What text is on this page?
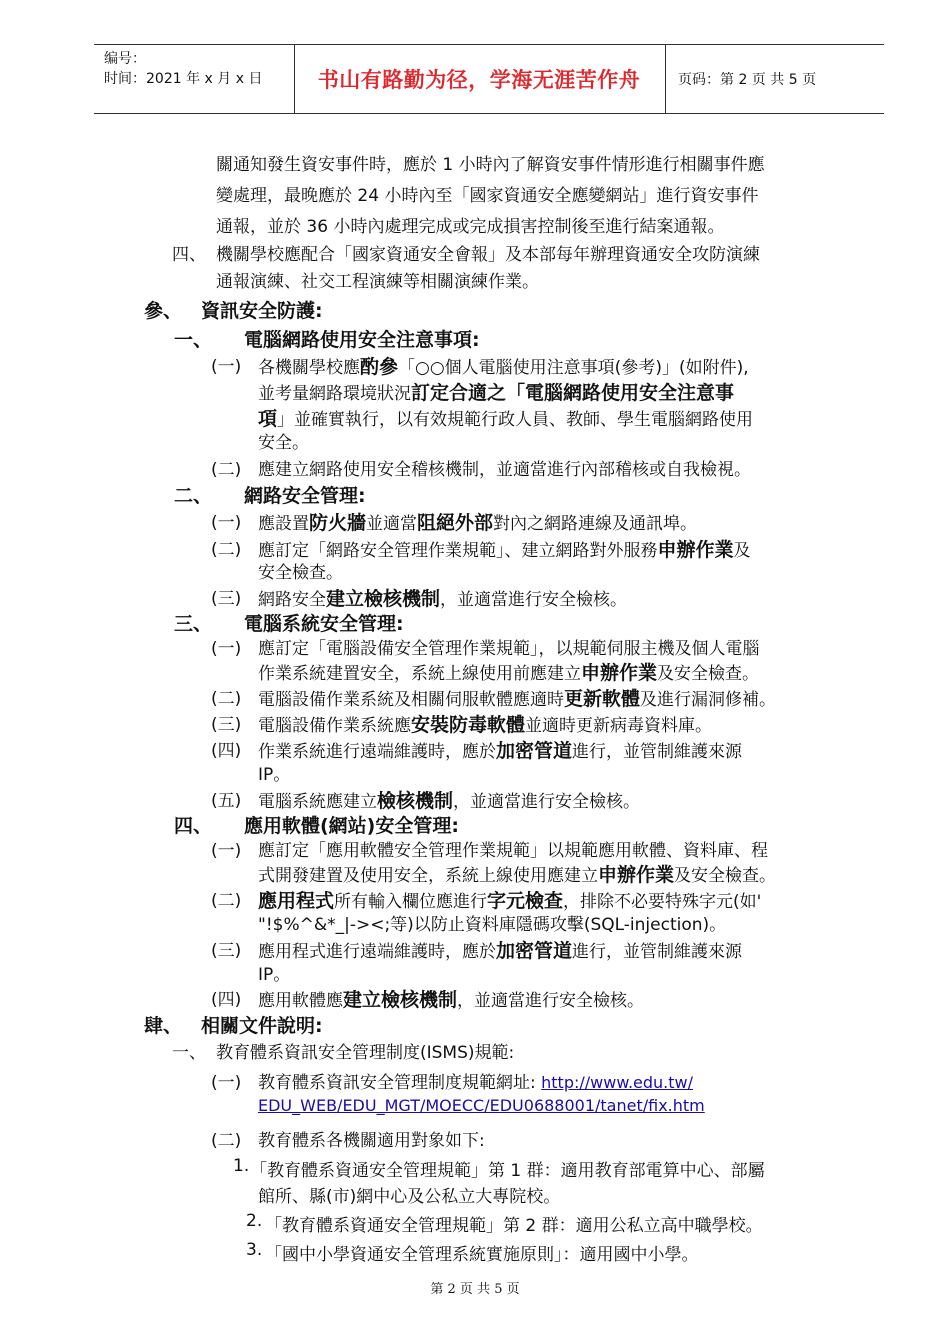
编号：
时间：2021 年 x 月 x 日	书山有路勤为径，学海无涯苦作舟	页码：第 2 页 共 5 页
關通知發生資安事件時，應於 1 小時內了解資安事件情形進行相關事件應
變處理，最晚應於 24 小時內至「國家資通安全應變網站」進行資安事件
通報，並於 36 小時內處理完成或完成損害控制後至進行結案通報。
四、 機關學校應配合「國家資通安全會報」及本部每年辦理資通安全攻防演練
通報演練、社交工程演練等相關演練作業。
參、 資訊安全防護:
一、 電腦網路使用安全注意事項:
(一) 各機關學校應酌參「○○個人電腦使用注意事項(參考)」(如附件),
並考量網路環境狀況訂定合適之「電腦網路使用安全注意事
項」並確實執行，以有效規範行政人員、教師、學生電腦網路使用
安全。
(二) 應建立網路使用安全稽核機制，並適當進行內部稽核或自我檢視。
二、 網路安全管理:
(一) 應設置防火牆並適當阻絕外部對內之網路連線及通訊埠。
(二) 應訂定「網路安全管理作業規範」、建立網路對外服務申辦作業及
安全檢查。
(三) 網路安全建立檢核機制，並適當進行安全檢核。
三、 電腦系統安全管理:
(一) 應訂定「電腦設備安全管理作業規範」，以規範伺服主機及個人電腦
作業系統建置安全，系統上線使用前應建立申辦作業及安全檢查。
(二) 電腦設備作業系統及相關伺服軟體應適時更新軟體及進行漏洞修補。
(三) 電腦設備作業系統應安裝防毒軟體並適時更新病毒資料庫。
(四) 作業系統進行遠端維護時，應於加密管道進行，並管制維護來源
IP。
(五) 電腦系統應建立檢核機制，並適當進行安全檢核。
四、 應用軟體(網站)安全管理:
(一) 應訂定「應用軟體安全管理作業規範」以規範應用軟體、資料庫、程
式開發建置及使用安全，系統上線使用應建立申辦作業及安全檢查。
(二) 應用程式所有輸入欄位應進行字元檢查，排除不必要特殊字元(如'
"!$%^&*_|-><;等)以防止資料庫隱碼攻擊(SQL-injection)。
(三) 應用程式進行遠端維護時，應於加密管道進行，並管制維護來源
IP。
(四) 應用軟體應建立檢核機制，並適當進行安全檢核。
肆、 相關文件說明:
一、 教育體系資訊安全管理制度(ISMS)規範:
(一) 教育體系資訊安全管理制度規範網址: http://www.edu.tw/
EDU_WEB/EDU_MGT/MOECC/EDU0688001/tanet/fix.htm
(二) 教育體系各機關適用對象如下:
1. 「教育體系資通安全管理規範」第 1 群：適用教育部電算中心、部屬
館所、縣(市)網中心及公私立大專院校。
2. 「教育體系資通安全管理規範」第 2 群：適用公私立高中職學校。
3. 「國中小學資通安全管理系統實施原則」：適用國中小學。
第 2 页 共 5 页
